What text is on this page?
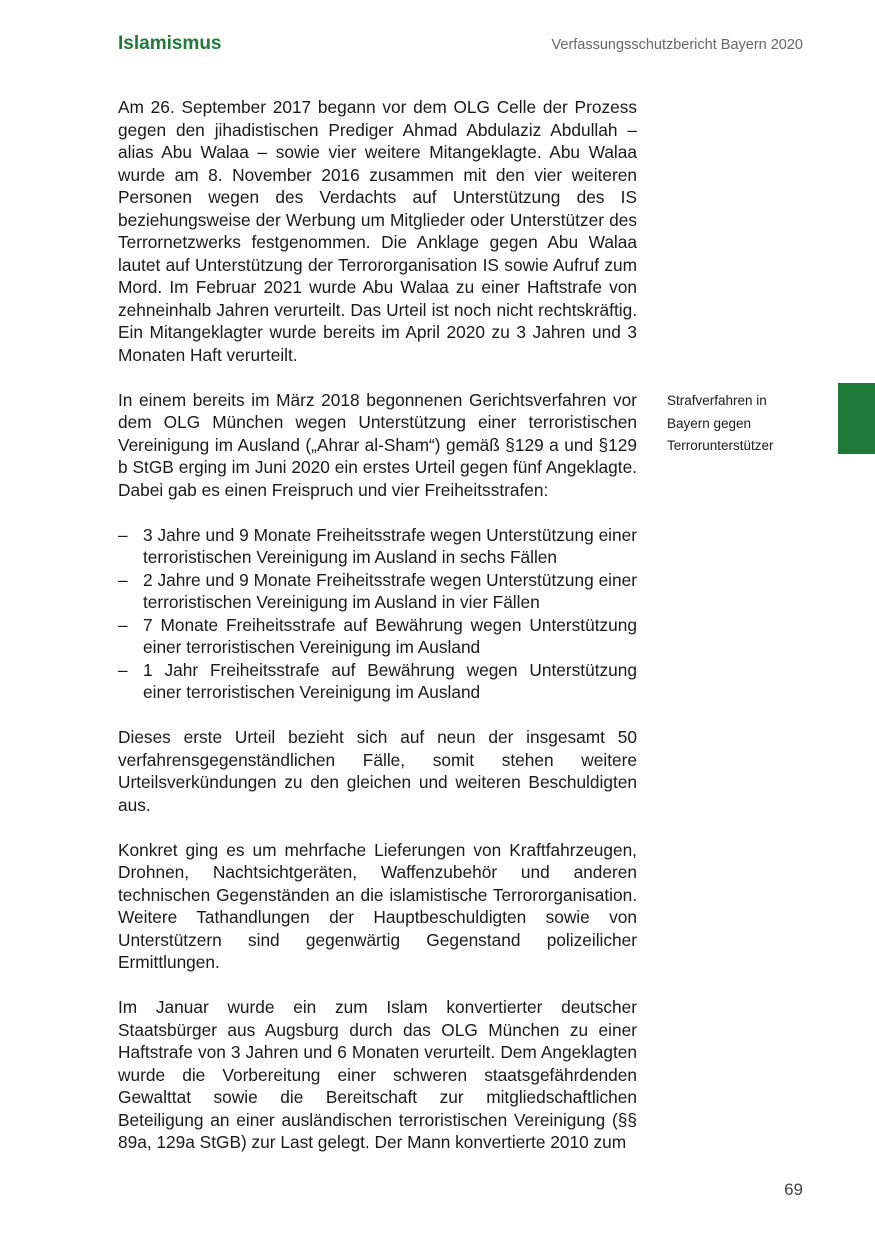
Islamismus	Verfassungsschutzbericht Bayern 2020
Strafverfahren in
Bayern gegen
Terrorunterstützer

Am 26. September 2017 begann vor dem OLG Celle der Prozess gegen den jihadistischen Prediger Ahmad Abdulaziz Abdullah – alias Abu Walaa – sowie vier weitere Mitangeklagte. Abu Walaa wurde am 8. November 2016 zusammen mit den vier weiteren Personen wegen des Verdachts auf Unterstützung des IS beziehungsweise der Werbung um Mitglieder oder Unterstützer des Terrornetzwerks festgenommen. Die Anklage gegen Abu Walaa lautet auf Unterstützung der Terrororganisation IS sowie Aufruf zum Mord. Im Februar 2021 wurde Abu Walaa zu einer Haftstrafe von zehneinhalb Jahren verurteilt. Das Urteil ist noch nicht rechtskräftig. Ein Mitangeklagter wurde bereits im April 2020 zu 3 Jahren und 3 Monaten Haft verurteilt.

In einem bereits im März 2018 begonnenen Gerichtsverfahren vor dem OLG München wegen Unterstützung einer terroristischen Vereinigung im Ausland („Ahrar al-Sham“) gemäß §129 a und §129 b StGB erging im Juni 2020 ein erstes Urteil gegen fünf Angeklagte. Dabei gab es einen Freispruch und vier Freiheitsstrafen:

– 3 Jahre und 9 Monate Freiheitsstrafe wegen Unterstützung einer terroristischen Vereinigung im Ausland in sechs Fällen
– 2 Jahre und 9 Monate Freiheitsstrafe wegen Unterstützung einer terroristischen Vereinigung im Ausland in vier Fällen
– 7 Monate Freiheitsstrafe auf Bewährung wegen Unterstützung einer terroristischen Vereinigung im Ausland
– 1 Jahr Freiheitsstrafe auf Bewährung wegen Unterstützung einer terroristischen Vereinigung im Ausland

Dieses erste Urteil bezieht sich auf neun der insgesamt 50 verfahrensgegenständlichen Fälle, somit stehen weitere Urteilsverkündungen zu den gleichen und weiteren Beschuldigten aus.

Konkret ging es um mehrfache Lieferungen von Kraftfahrzeugen, Drohnen, Nachtsichtgeräten, Waffenzubehör und anderen technischen Gegenständen an die islamistische Terrororganisation. Weitere Tathandlungen der Hauptbeschuldigten sowie von Unterstützern sind gegenwärtig Gegenstand polizeilicher Ermittlungen.

Im Januar wurde ein zum Islam konvertierter deutscher Staatsbürger aus Augsburg durch das OLG München zu einer Haftstrafe von 3 Jahren und 6 Monaten verurteilt. Dem Angeklagten wurde die Vorbereitung einer schweren staatsgefährdenden Gewalttat sowie die Bereitschaft zur mitgliedschaftlichen Beteiligung an einer ausländischen terroristischen Vereinigung (§§ 89a, 129a StGB) zur Last gelegt. Der Mann konvertierte 2010 zum

69
